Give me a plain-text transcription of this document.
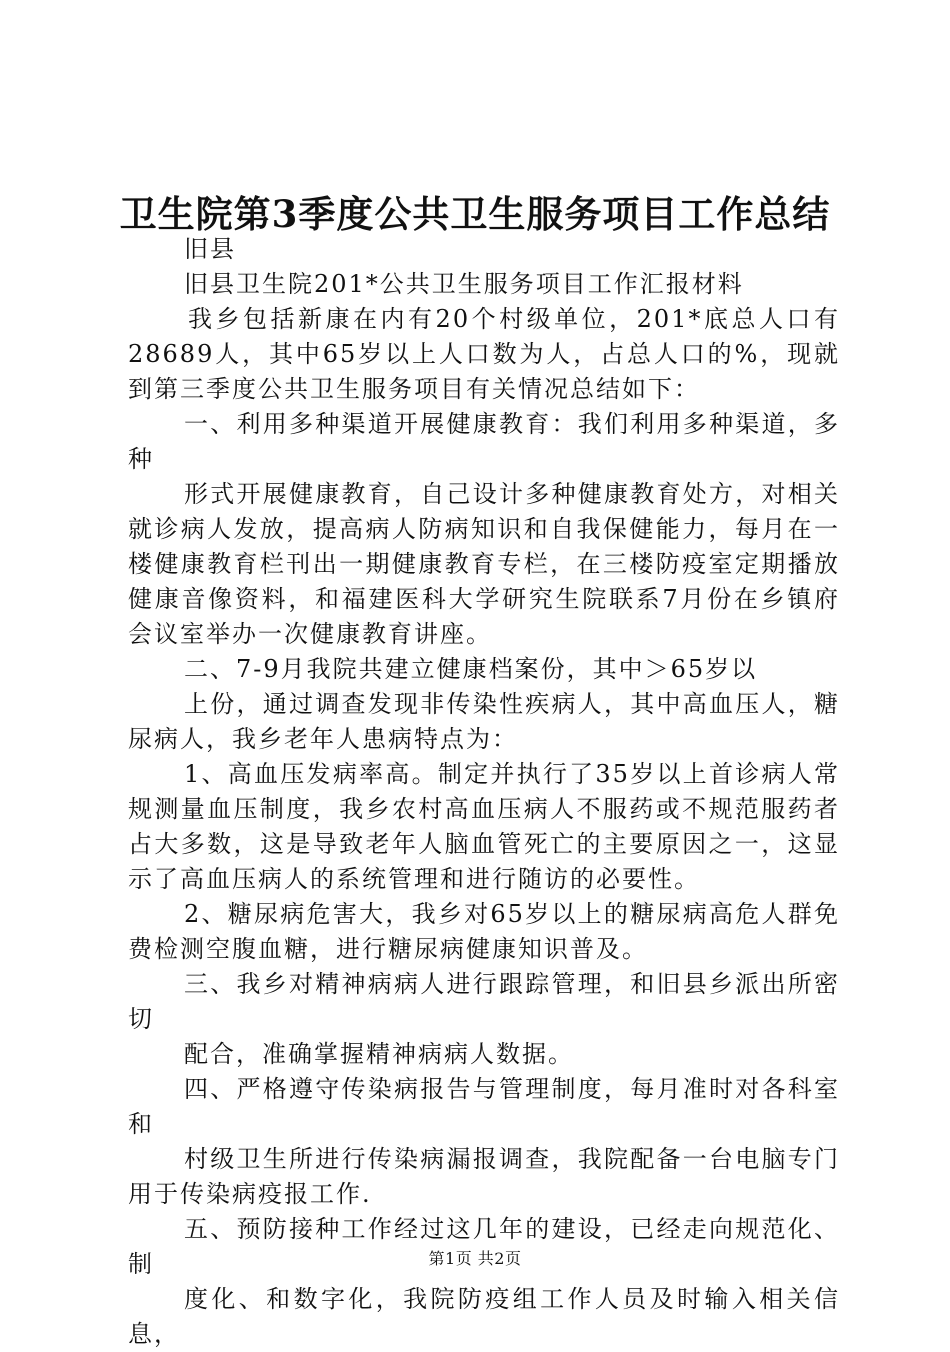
卫生院第3季度公共卫生服务项目工作总结

旧县

旧县卫生院201*公共卫生服务项目工作汇报材料

我乡包括新康在内有20个村级单位，201*底总人口有28689人，其中65岁以上人口数为人，占总人口的%，现就到第三季度公共卫生服务项目有关情况总结如下：

一、利用多种渠道开展健康教育：我们利用多种渠道，多种

形式开展健康教育，自己设计多种健康教育处方，对相关就诊病人发放，提高病人防病知识和自我保健能力，每月在一楼健康教育栏刊出一期健康教育专栏，在三楼防疫室定期播放健康音像资料，和福建医科大学研究生院联系7月份在乡镇府会议室举办一次健康教育讲座。

二、7-9月我院共建立健康档案份，其中＞65岁以

上份，通过调查发现非传染性疾病人，其中高血压人，糖尿病人，我乡老年人患病特点为：

1、高血压发病率高。制定并执行了35岁以上首诊病人常规测量血压制度，我乡农村高血压病人不服药或不规范服药者占大多数，这是导致老年人脑血管死亡的主要原因之一，这显示了高血压病人的系统管理和进行随访的必要性。

2、糖尿病危害大，我乡对65岁以上的糖尿病高危人群免费检测空腹血糖，进行糖尿病健康知识普及。

三、我乡对精神病病人进行跟踪管理，和旧县乡派出所密切

配合，准确掌握精神病病人数据。

四、严格遵守传染病报告与管理制度，每月准时对各科室和

村级卫生所进行传染病漏报调查，我院配备一台电脑专门用于传染病疫报工作.

五、预防接种工作经过这几年的建设，已经走向规范化、制

度化、和数字化，我院防疫组工作人员及时输入相关信息，

第1页 共2页
